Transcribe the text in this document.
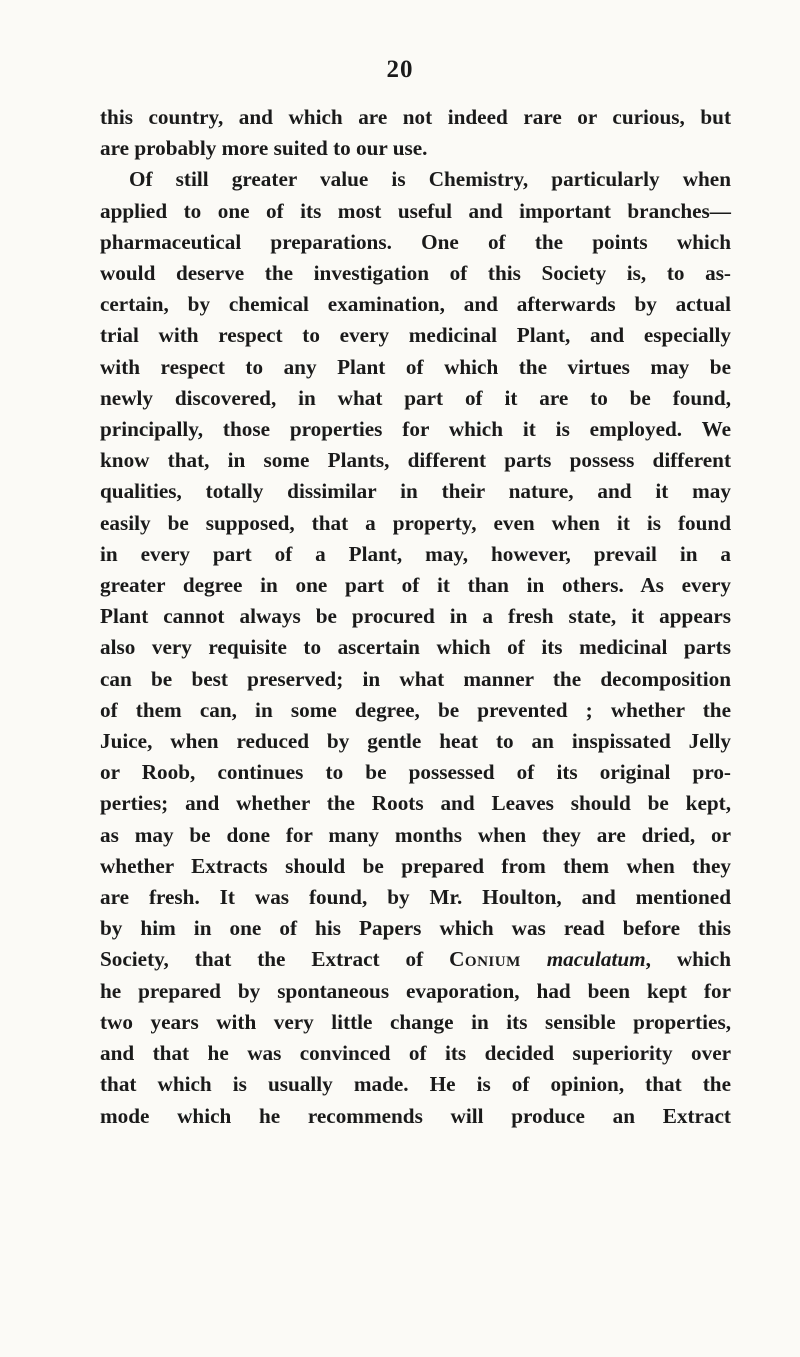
20
this country, and which are not indeed rare or curious, but
are probably more suited to our use.
Of still greater value is Chemistry, particularly when
applied to one of its most useful and important branches—
pharmaceutical preparations. One of the points which
would deserve the investigation of this Society is, to as-
certain, by chemical examination, and afterwards by actual
trial with respect to every medicinal Plant, and especially
with respect to any Plant of which the virtues may be
newly discovered, in what part of it are to be found,
principally, those properties for which it is employed. We
know that, in some Plants, different parts possess different
qualities, totally dissimilar in their nature, and it may
easily be supposed, that a property, even when it is found
in every part of a Plant, may, however, prevail in a
greater degree in one part of it than in others. As every
Plant cannot always be procured in a fresh state, it appears
also very requisite to ascertain which of its medicinal parts
can be best preserved; in what manner the decomposition
of them can, in some degree, be prevented ; whether the
Juice, when reduced by gentle heat to an inspissated Jelly
or Roob, continues to be possessed of its original pro-
perties; and whether the Roots and Leaves should be kept,
as may be done for many months when they are dried, or
whether Extracts should be prepared from them when they
are fresh. It was found, by Mr. Houlton, and mentioned
by him in one of his Papers which was read before this
Society, that the Extract of Conium maculatum, which
he prepared by spontaneous evaporation, had been kept for
two years with very little change in its sensible properties,
and that he was convinced of its decided superiority over
that which is usually made. He is of opinion, that the
mode which he recommends will produce an Extract
